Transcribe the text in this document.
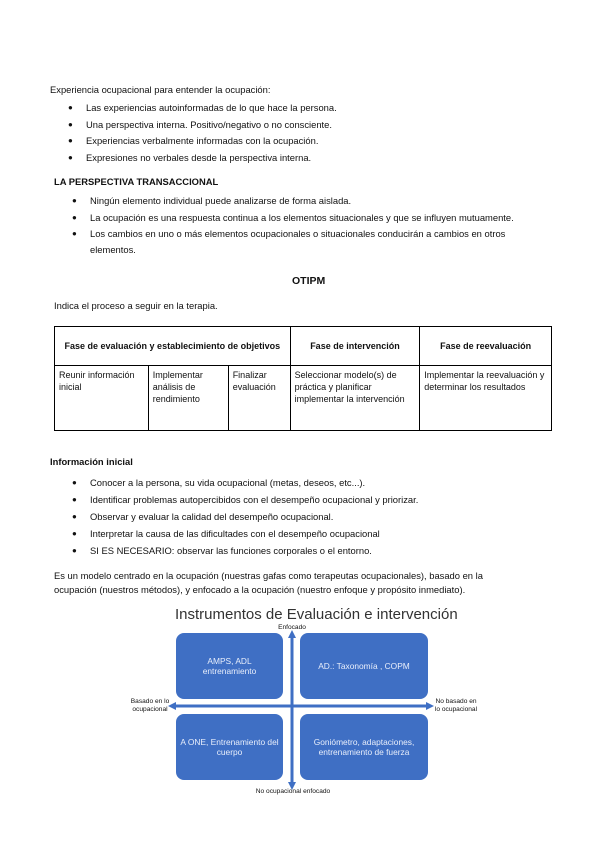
Experiencia ocupacional para entender la ocupación:
● Las experiencias autoinformadas de lo que hace la persona.
● Una perspectiva interna. Positivo/negativo o no consciente.
● Experiencias verbalmente informadas con la ocupación.
● Expresiones no verbales desde la perspectiva interna.
LA PERSPECTIVA TRANSACCIONAL
● Ningún elemento individual puede analizarse de forma aislada.
● La ocupación es una respuesta continua a los elementos situacionales y que se influyen mutuamente.
● Los cambios en uno o más elementos ocupacionales o situacionales conducirán a cambios en otros
elementos.
OTIPM
Indica el proceso a seguir en la terapia.
Fase de evaluación y establecimiento de objetivos			Fase de intervención	Fase de reevaluación
Reunir información inicial	Implementar análisis de rendimiento	Finalizar evaluación	Seleccionar modelo(s) de práctica y planificar implementar la intervención	Implementar la reevaluación y determinar los resultados
Información inicial
● Conocer a la persona, su vida ocupacional (metas, deseos, etc...).
● Identificar problemas autopercibidos con el desempeño ocupacional y priorizar.
● Observar y evaluar la calidad del desempeño ocupacional.
● Interpretar la causa de las dificultades con el desempeño ocupacional
● SI ES NECESARIO: observar las funciones corporales o el entorno.
Es un modelo centrado en la ocupación (nuestras gafas como terapeutas ocupacionales), basado en la
ocupación (nuestros métodos), y enfocado a la ocupación (nuestro enfoque y propósito inmediato).
Instrumentos de Evaluación e intervención
Enfocado
No ocupacional enfocado
Basado en lo
ocupacional
No basado en
lo ocupacional
AMPS, ADL entrenamiento
AD.: Taxonomía , COPM
A ONE, Entrenamiento del cuerpo
Goniómetro, adaptaciones, entrenamiento de fuerza
